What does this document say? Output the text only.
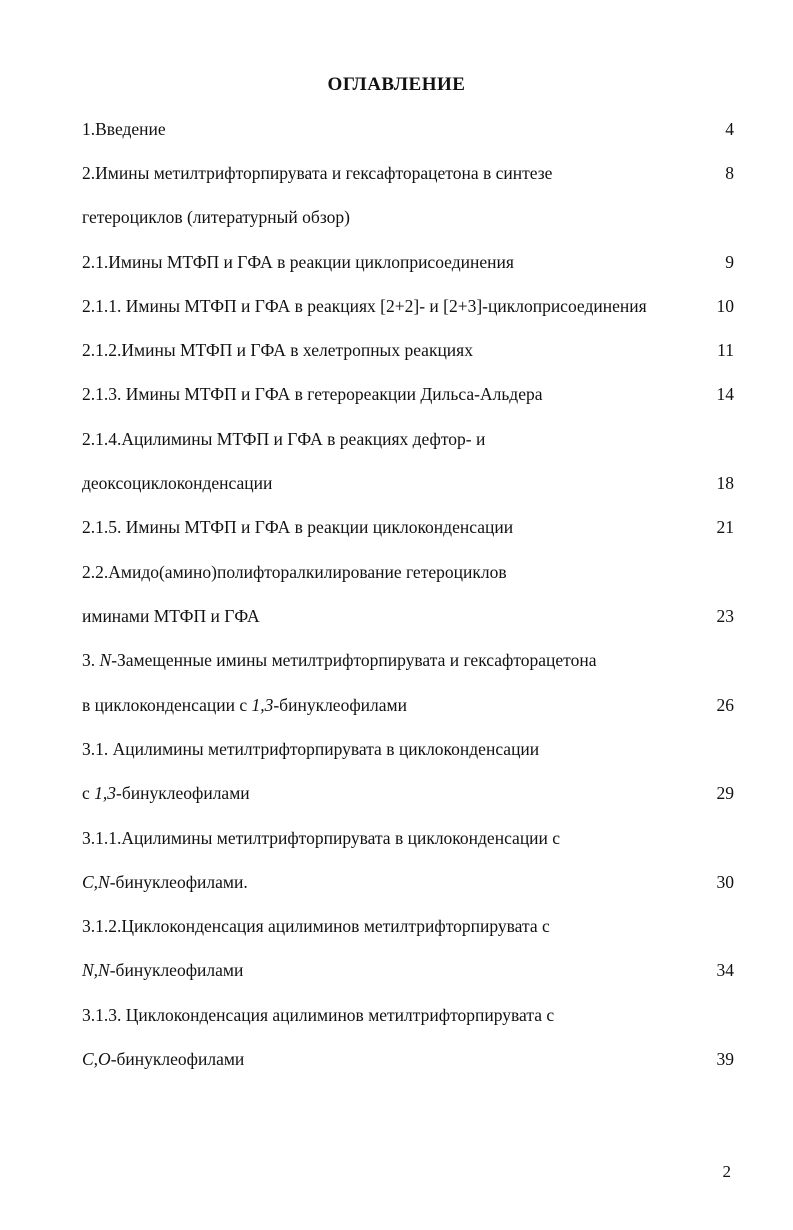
ОГЛАВЛЕНИЕ
1.Введение	4
2.Имины метилтрифторпирувата и гексафторацетона в синтезе	8
гетероциклов (литературный обзор)
2.1.Имины МТФП и ГФА в реакции циклоприсоединения	9
2.1.1. Имины МТФП и ГФА в реакциях [2+2]- и [2+3]-циклоприсоединения	10
2.1.2.Имины МТФП и ГФА в хелетропных реакциях	11
2.1.3. Имины МТФП и ГФА в гетерореакции Дильса-Альдера	14
2.1.4.Ацилимины МТФП и ГФА в реакциях дефтор- и
деоксоциклоконденсации	18
2.1.5. Имины МТФП и ГФА в реакции циклоконденсации	21
2.2.Амидо(амино)полифторалкилирование гетероциклов
иминами МТФП и ГФА	23
3. N-Замещенные имины метилтрифторпирувата и гексафторацетона
в циклоконденсации с 1,3-бинуклеофилами	26
3.1. Ацилимины метилтрифторпирувата в циклоконденсации
с 1,3-бинуклеофилами	29
3.1.1.Ацилимины метилтрифторпирувата в циклоконденсации с
C,N-бинуклеофилами.	30
3.1.2.Циклоконденсация ацилиминов метилтрифторпирувата с
N,N-бинуклеофилами	34
3.1.3. Циклоконденсация ацилиминов метилтрифторпирувата с
C,O-бинуклеофилами	39
2
